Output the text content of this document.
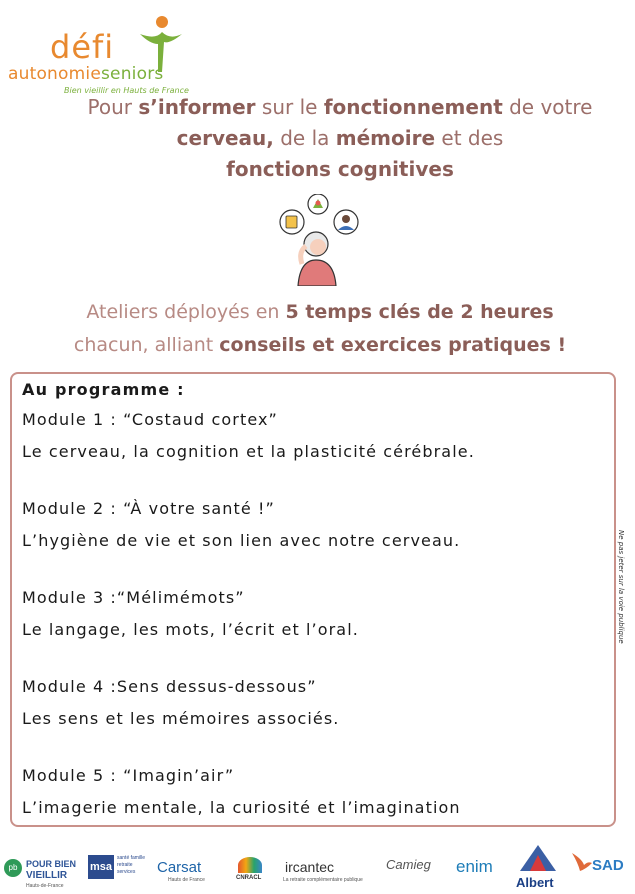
défi
autonomieseniors
Bien vieillir en Hauts de France
Pour s’informer sur le fonctionnement de votre cerveau, de la mémoire et des
fonctions cognitives
Ateliers déployés en 5 temps clés de 2 heures
chacun, alliant conseils et exercices pratiques !
Au programme :
Module 1 : “Costaud cortex”
Le cerveau, la cognition et la plasticité cérébrale.
Module 2 : “À votre santé !”
L’hygiène de vie et son lien avec notre cerveau.
Module 3 :“Mélimémots”
Le langage, les mots, l’écrit et l’oral.
Module 4 :Sens dessus-dessous”
Les sens et les mémoires associés.
Module 5 : “Imagin’air”
L’imagerie mentale, la curiosité et l’imagination
Ne pas jeter sur la voie publique
pb POUR BIEN
VIEILLIR
Hauts-de-France
msa
santé famille retraite services	Carsat
Hauts de France	CNRACL
ircantec
La retraite complémentaire publique
Camieg enim
Albert
SAD
